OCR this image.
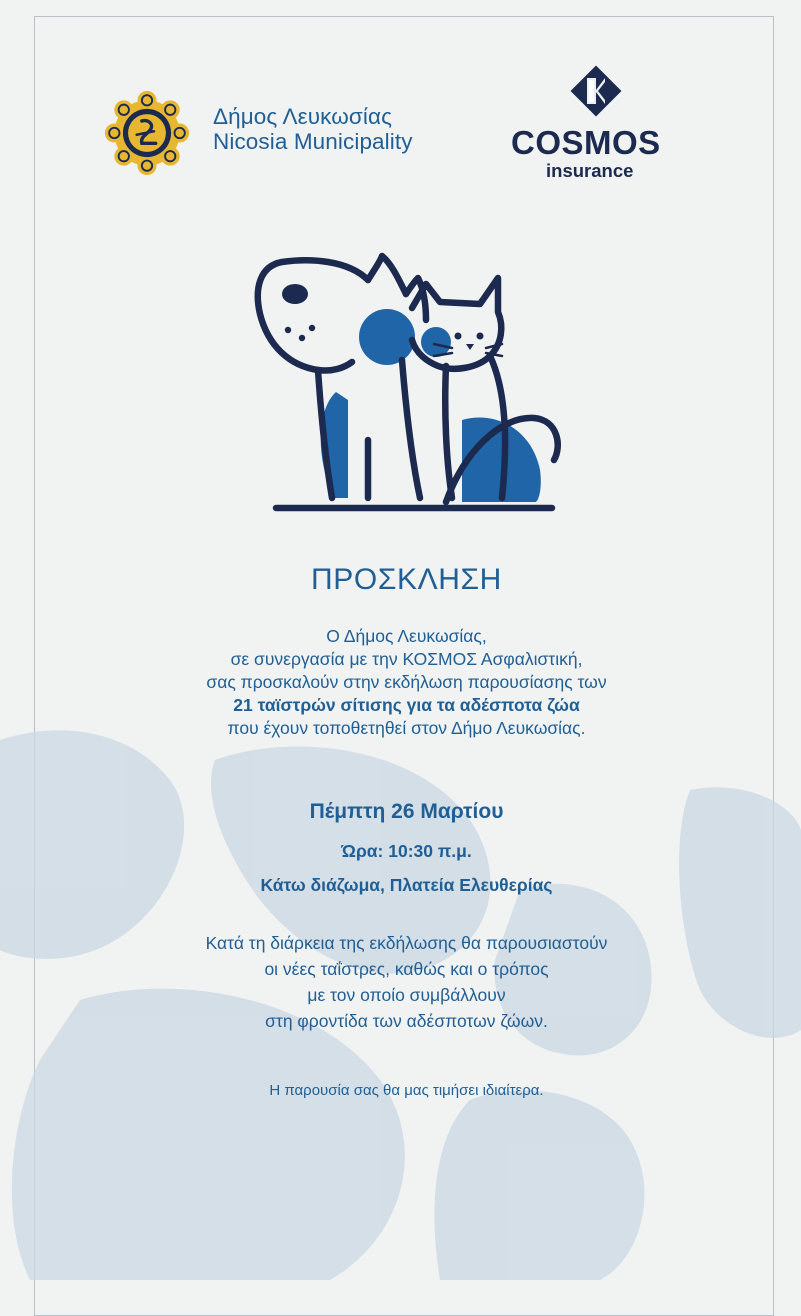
Δήμος Λευκωσίας
Nicosia Municipality	COSMOS
insurance
ΠΡΟΣΚΛΗΣΗ
Ο Δήμος Λευκωσίας,
σε συνεργασία με την ΚΟΣΜΟΣ Ασφαλιστική,
σας προσκαλούν στην εκδήλωση παρουσίασης των
21 ταϊστρών σίτισης για τα αδέσποτα ζώα
που έχουν τοποθετηθεί στον Δήμο Λευκωσίας.
Πέμπτη 26 Μαρτίου
Ώρα: 10:30 π.μ.
Κάτω διάζωμα, Πλατεία Ελευθερίας
Κατά τη διάρκεια της εκδήλωσης θα παρουσιαστούν
οι νέες ταΐστρες, καθώς και ο τρόπος
με τον οποίο συμβάλλουν
στη φροντίδα των αδέσποτων ζώων.
Η παρουσία σας θα μας τιμήσει ιδιαίτερα.
